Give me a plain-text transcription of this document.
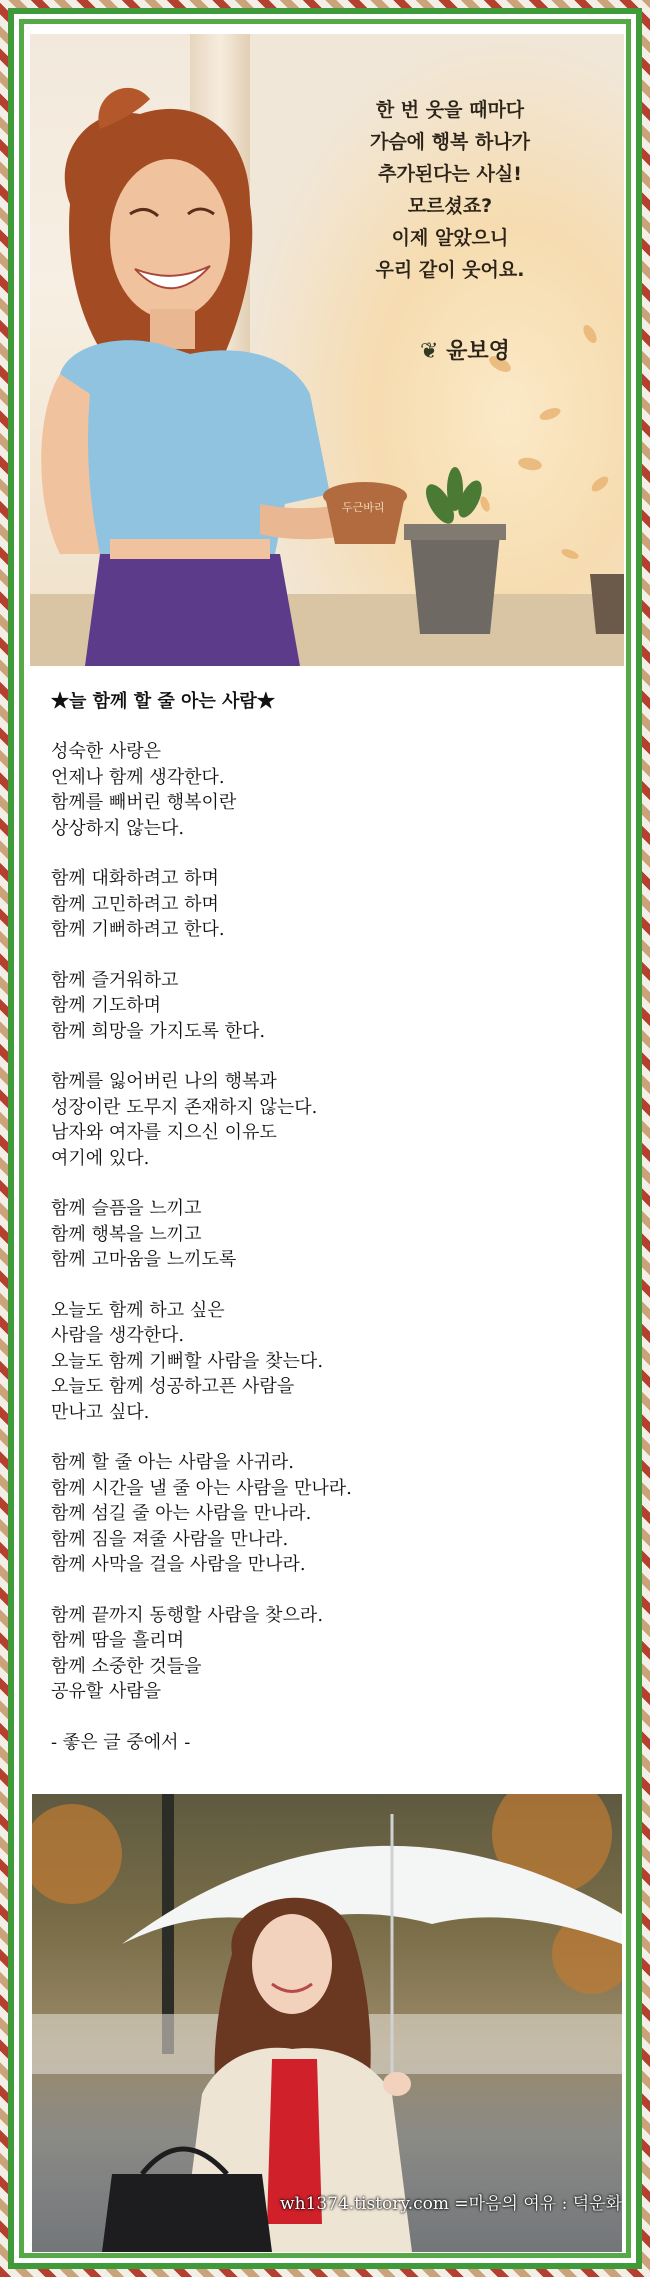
한 번 웃을 때마다
가슴에 행복 하나가
추가된다는 사실!
모르셨죠?
이제 알았으니
우리 같이 웃어요.
❦ 윤보영
두근바리
★늘 함께 할 줄 아는 사람★
성숙한 사랑은
언제나 함께 생각한다.
함께를 빼버린 행복이란
상상하지 않는다.
함께 대화하려고 하며
함께 고민하려고 하며
함께 기뻐하려고 한다.
함께 즐거워하고
함께 기도하며
함께 희망을 가지도록 한다.
함께를 잃어버린 나의 행복과
성장이란 도무지 존재하지 않는다.
남자와 여자를 지으신 이유도
여기에 있다.
함께 슬픔을 느끼고
함께 행복을 느끼고
함께 고마움을 느끼도록
오늘도 함께 하고 싶은
사람을 생각한다.
오늘도 함께 기뻐할 사람을 찾는다.
오늘도 함께 성공하고픈 사람을
만나고 싶다.
함께 할 줄 아는 사람을 사귀라.
함께 시간을 낼 줄 아는 사람을 만나라.
함께 섬길 줄 아는 사람을 만나라.
함께 짐을 져줄 사람을 만나라.
함께 사막을 걸을 사람을 만나라.
함께 끝까지 동행할 사람을 찾으라.
함께 땀을 흘리며
함께 소중한 것들을
공유할 사람을
- 좋은 글 중에서 -
wh1374.tistory.com =마음의 여유 : 덕운화
